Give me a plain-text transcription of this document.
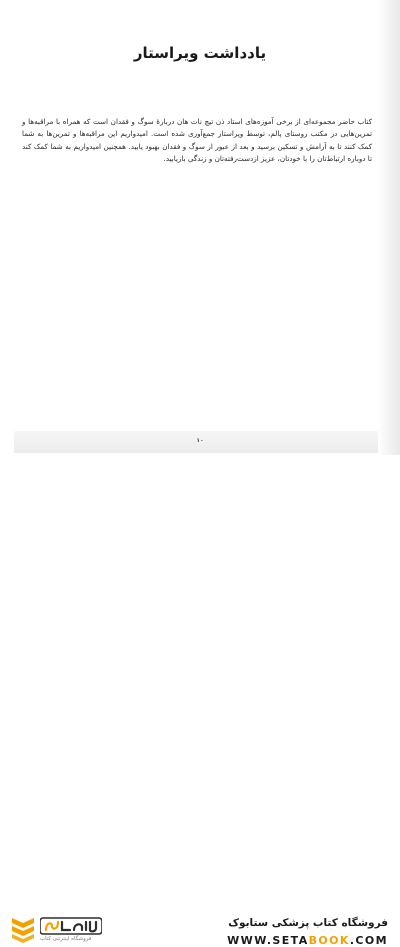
یادداشت ویراستار

کتاب حاضر مجموعه‌ای از برخی آموزه‌های استاد ذن تیچ نات هان دربارهٔ سوگ و فقدان است که همراه با مراقبه‌ها و تمرین‌هایی در مکتب روستای پالم، توسط ویراستار جمع‌آوری شده است. امیدواریم این مراقبه‌ها و تمرین‌ها به شما کمک کنند تا به آرامش و تسکین برسید و بعد از عبور از سوگ و فقدان بهبود یابید. همچنین امیدواریم به شما کمک کند تا دوباره ارتباط‌تان را با خودتان، عزیز ازدست‌رفته‌تان و زندگی بازیابید.

۱۰
فروشگاه اینترنتی کتاب
فروشگاه کتاب پزشکی ستابوک
WWW.SETABOOK.COM
